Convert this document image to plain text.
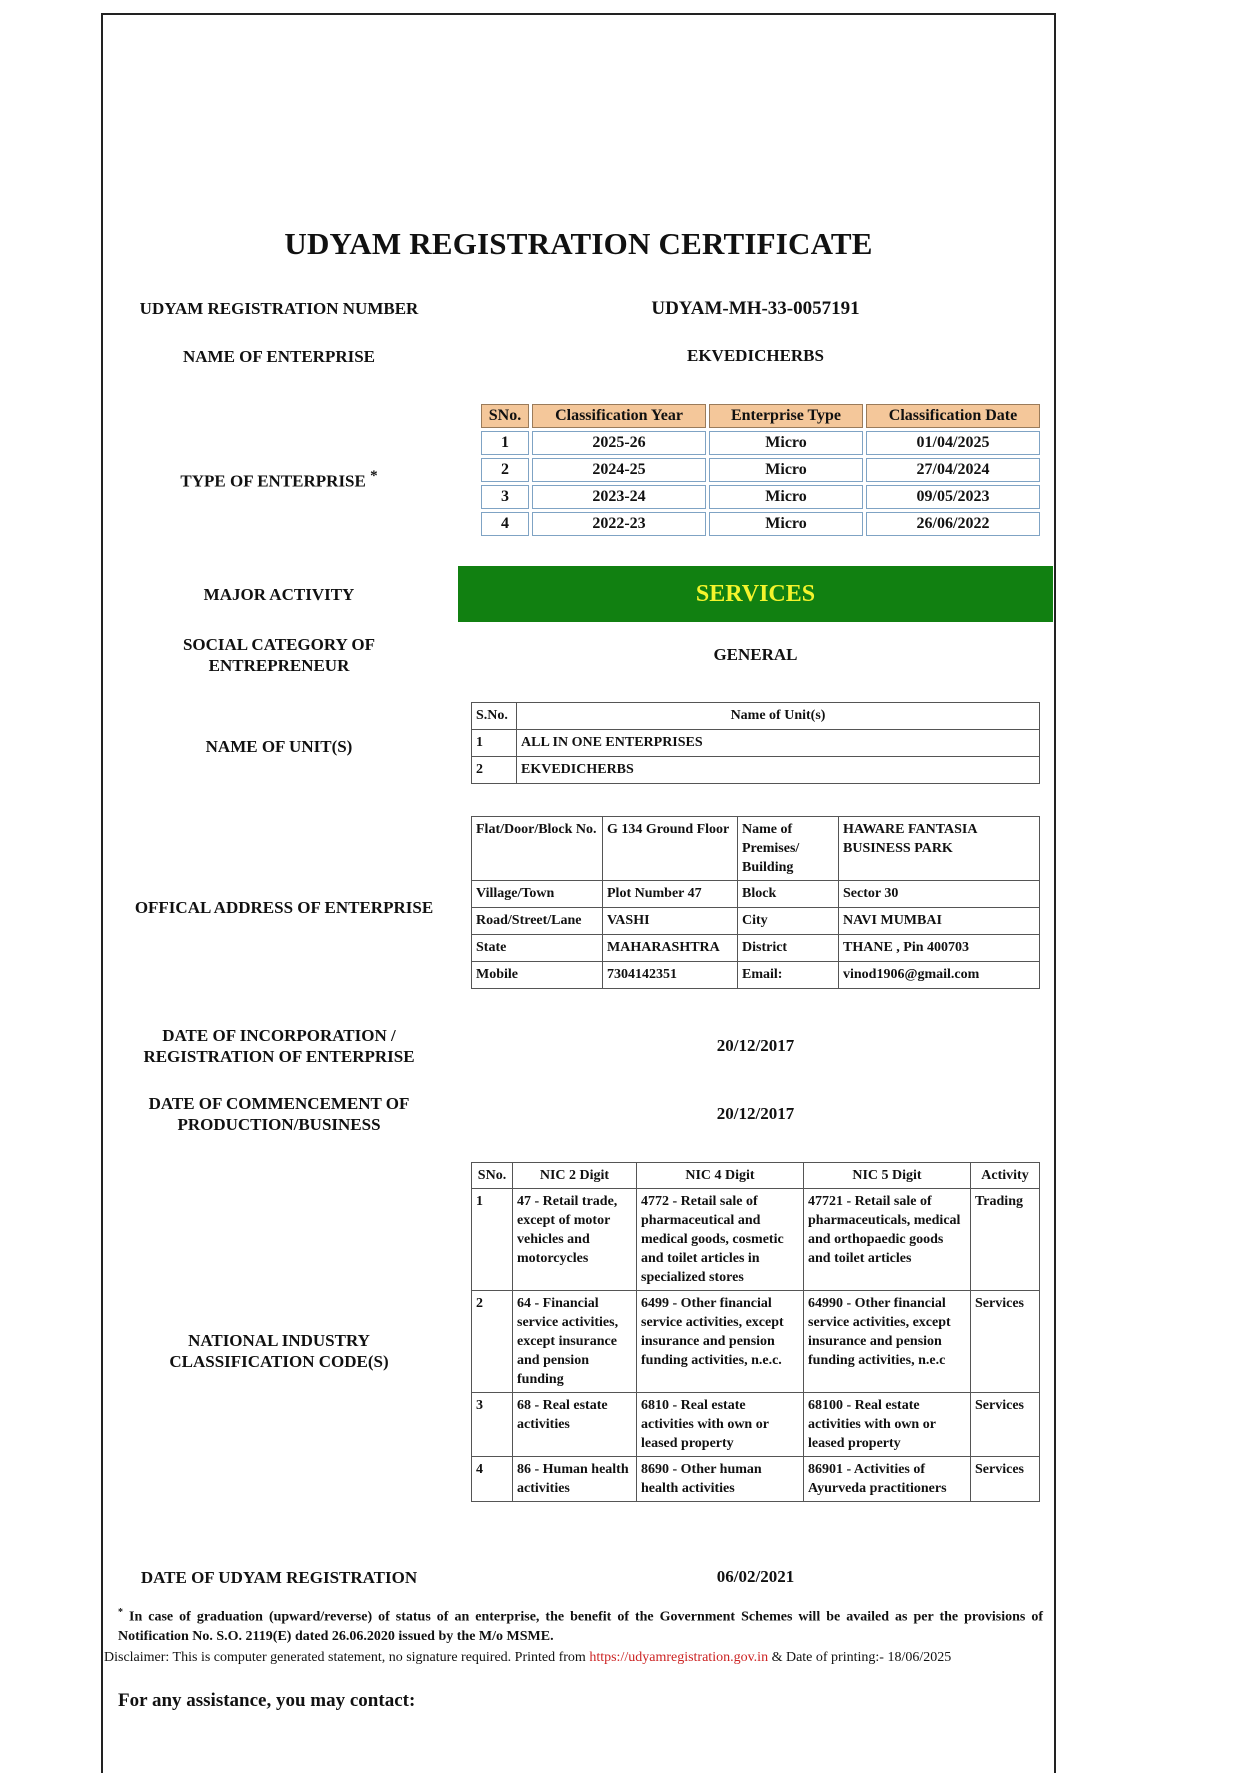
UDYAM REGISTRATION CERTIFICATE
UDYAM REGISTRATION NUMBER	UDYAM-MH-33-0057191
NAME OF ENTERPRISE	EKVEDICHERBS
TYPE OF ENTERPRISE *
SNo.	Classification Year	Enterprise Type	Classification Date
1	2025-26	Micro	01/04/2025
2	2024-25	Micro	27/04/2024
3	2023-24	Micro	09/05/2023
4	2022-23	Micro	26/06/2022
MAJOR ACTIVITY	SERVICES
SOCIAL CATEGORY OF
ENTREPRENEUR
GENERAL
NAME OF UNIT(S)
S.No.	Name of Unit(s)
1	ALL IN ONE ENTERPRISES
2	EKVEDICHERBS
OFFICAL ADDRESS OF ENTERPRISE
Flat/Door/Block No.	G 134 Ground Floor	Name of Premises/ Building	HAWARE FANTASIA BUSINESS PARK
Village/Town	Plot Number 47	Block	Sector 30
Road/Street/Lane	VASHI	City	NAVI MUMBAI
State	MAHARASHTRA	District	THANE , Pin 400703
Mobile	7304142351	Email:	vinod1906@gmail.com
DATE OF INCORPORATION /
REGISTRATION OF ENTERPRISE
20/12/2017
DATE OF COMMENCEMENT OF
PRODUCTION/BUSINESS
20/12/2017
NATIONAL INDUSTRY
CLASSIFICATION CODE(S)
SNo.	NIC 2 Digit	NIC 4 Digit	NIC 5 Digit	Activity
1	47 - Retail trade, except of motor vehicles and motorcycles	4772 - Retail sale of pharmaceutical and medical goods, cosmetic and toilet articles in specialized stores	47721 - Retail sale of pharmaceuticals, medical and orthopaedic goods and toilet articles	Trading
2	64 - Financial service activities, except insurance and pension funding	6499 - Other financial service activities, except insurance and pension funding activities, n.e.c.	64990 - Other financial service activities, except insurance and pension funding activities, n.e.c	Services
3	68 - Real estate activities	6810 - Real estate activities with own or leased property	68100 - Real estate activities with own or leased property	Services
4	86 - Human health activities	8690 - Other human health activities	86901 - Activities of Ayurveda practitioners	Services
DATE OF UDYAM REGISTRATION	06/02/2021
* In case of graduation (upward/reverse) of status of an enterprise, the benefit of the Government Schemes will be availed as per the provisions of Notification No. S.O. 2119(E) dated 26.06.2020 issued by the M/o MSME.
Disclaimer: This is computer generated statement, no signature required. Printed from https://udyamregistration.gov.in & Date of printing:- 18/06/2025
For any assistance, you may contact:
